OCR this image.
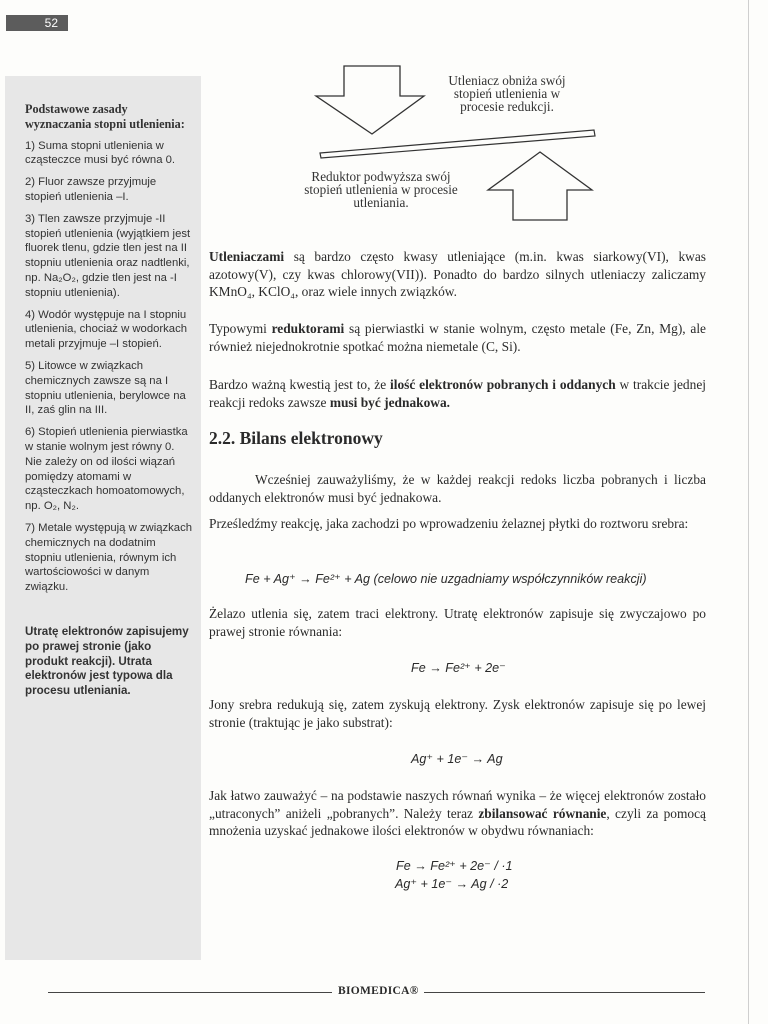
52
Podstawowe zasady wyznaczania stopni utlenienia:
1) Suma stopni utlenienia w cząsteczce musi być równa 0.
2) Fluor zawsze przyjmuje stopień utlenienia –I.
3) Tlen zawsze przyjmuje -II stopień utlenienia (wyjątkiem jest fluorek tlenu, gdzie tlen jest na II stopniu utlenienia oraz nadtlenki, np. Na₂O₂, gdzie tlen jest na -I stopniu utlenienia).
4) Wodór występuje na I stopniu utlenienia, chociaż w wodorkach metali przyjmuje –I stopień.
5) Litowce w związkach chemicznych zawsze są na I stopniu utlenienia, berylowce na II, zaś glin na III.
6) Stopień utlenienia pierwiastka w stanie wolnym jest równy 0. Nie zależy on od ilości wiązań pomiędzy atomami w cząsteczkach homoatomowych, np. O₂, N₂.
7) Metale występują w związkach chemicznych na dodatnim stopniu utlenienia, równym ich wartościowości w danym związku.
Utratę elektronów zapisujemy po prawej stronie (jako produkt reakcji). Utrata elektronów jest typowa dla procesu utleniania.
Utleniacz obniża swój stopień utlenienia w procesie redukcji.
Reduktor podwyższa swój stopień utlenienia w procesie utleniania.

Utleniaczami są bardzo często kwasy utleniające (m.in. kwas siarkowy(VI), kwas azotowy(V), czy kwas chlorowy(VII)). Ponadto do bardzo silnych utleniaczy zaliczamy KMnO₄, KClO₄, oraz wiele innych związków.

Typowymi reduktorami są pierwiastki w stanie wolnym, często metale (Fe, Zn, Mg), ale również niejednokrotnie spotkać można niemetale (C, Si).

Bardzo ważną kwestią jest to, że ilość elektronów pobranych i oddanych w trakcie jednej reakcji redoks zawsze musi być jednakowa.

2.2. Bilans elektronowy

Wcześniej zauważyliśmy, że w każdej reakcji redoks liczba pobranych i liczba oddanych elektronów musi być jednakowa.

Prześledźmy reakcję, jaka zachodzi po wprowadzeniu żelaznej płytki do roztworu srebra:

Fe + Ag⁺ → Fe²⁺ + Ag (celowo nie uzgadniamy współczynników reakcji)

Żelazo utlenia się, zatem traci elektrony. Utratę elektronów zapisuje się zwyczajowo po prawej stronie równania:

Fe → Fe²⁺ + 2e⁻

Jony srebra redukują się, zatem zyskują elektrony. Zysk elektronów zapisuje się po lewej stronie (traktując je jako substrat):

Ag⁺ + 1e⁻ → Ag

Jak łatwo zauważyć – na podstawie naszych równań wynika – że więcej elektronów zostało „utraconych” aniżeli „pobranych”. Należy teraz zbilansować równanie, czyli za pomocą mnożenia uzyskać jednakowe ilości elektronów w obydwu równaniach:

Fe → Fe²⁺ + 2e⁻ / ·1
Ag⁺ + 1e⁻ → Ag / ·2
BIOMEDICA®
